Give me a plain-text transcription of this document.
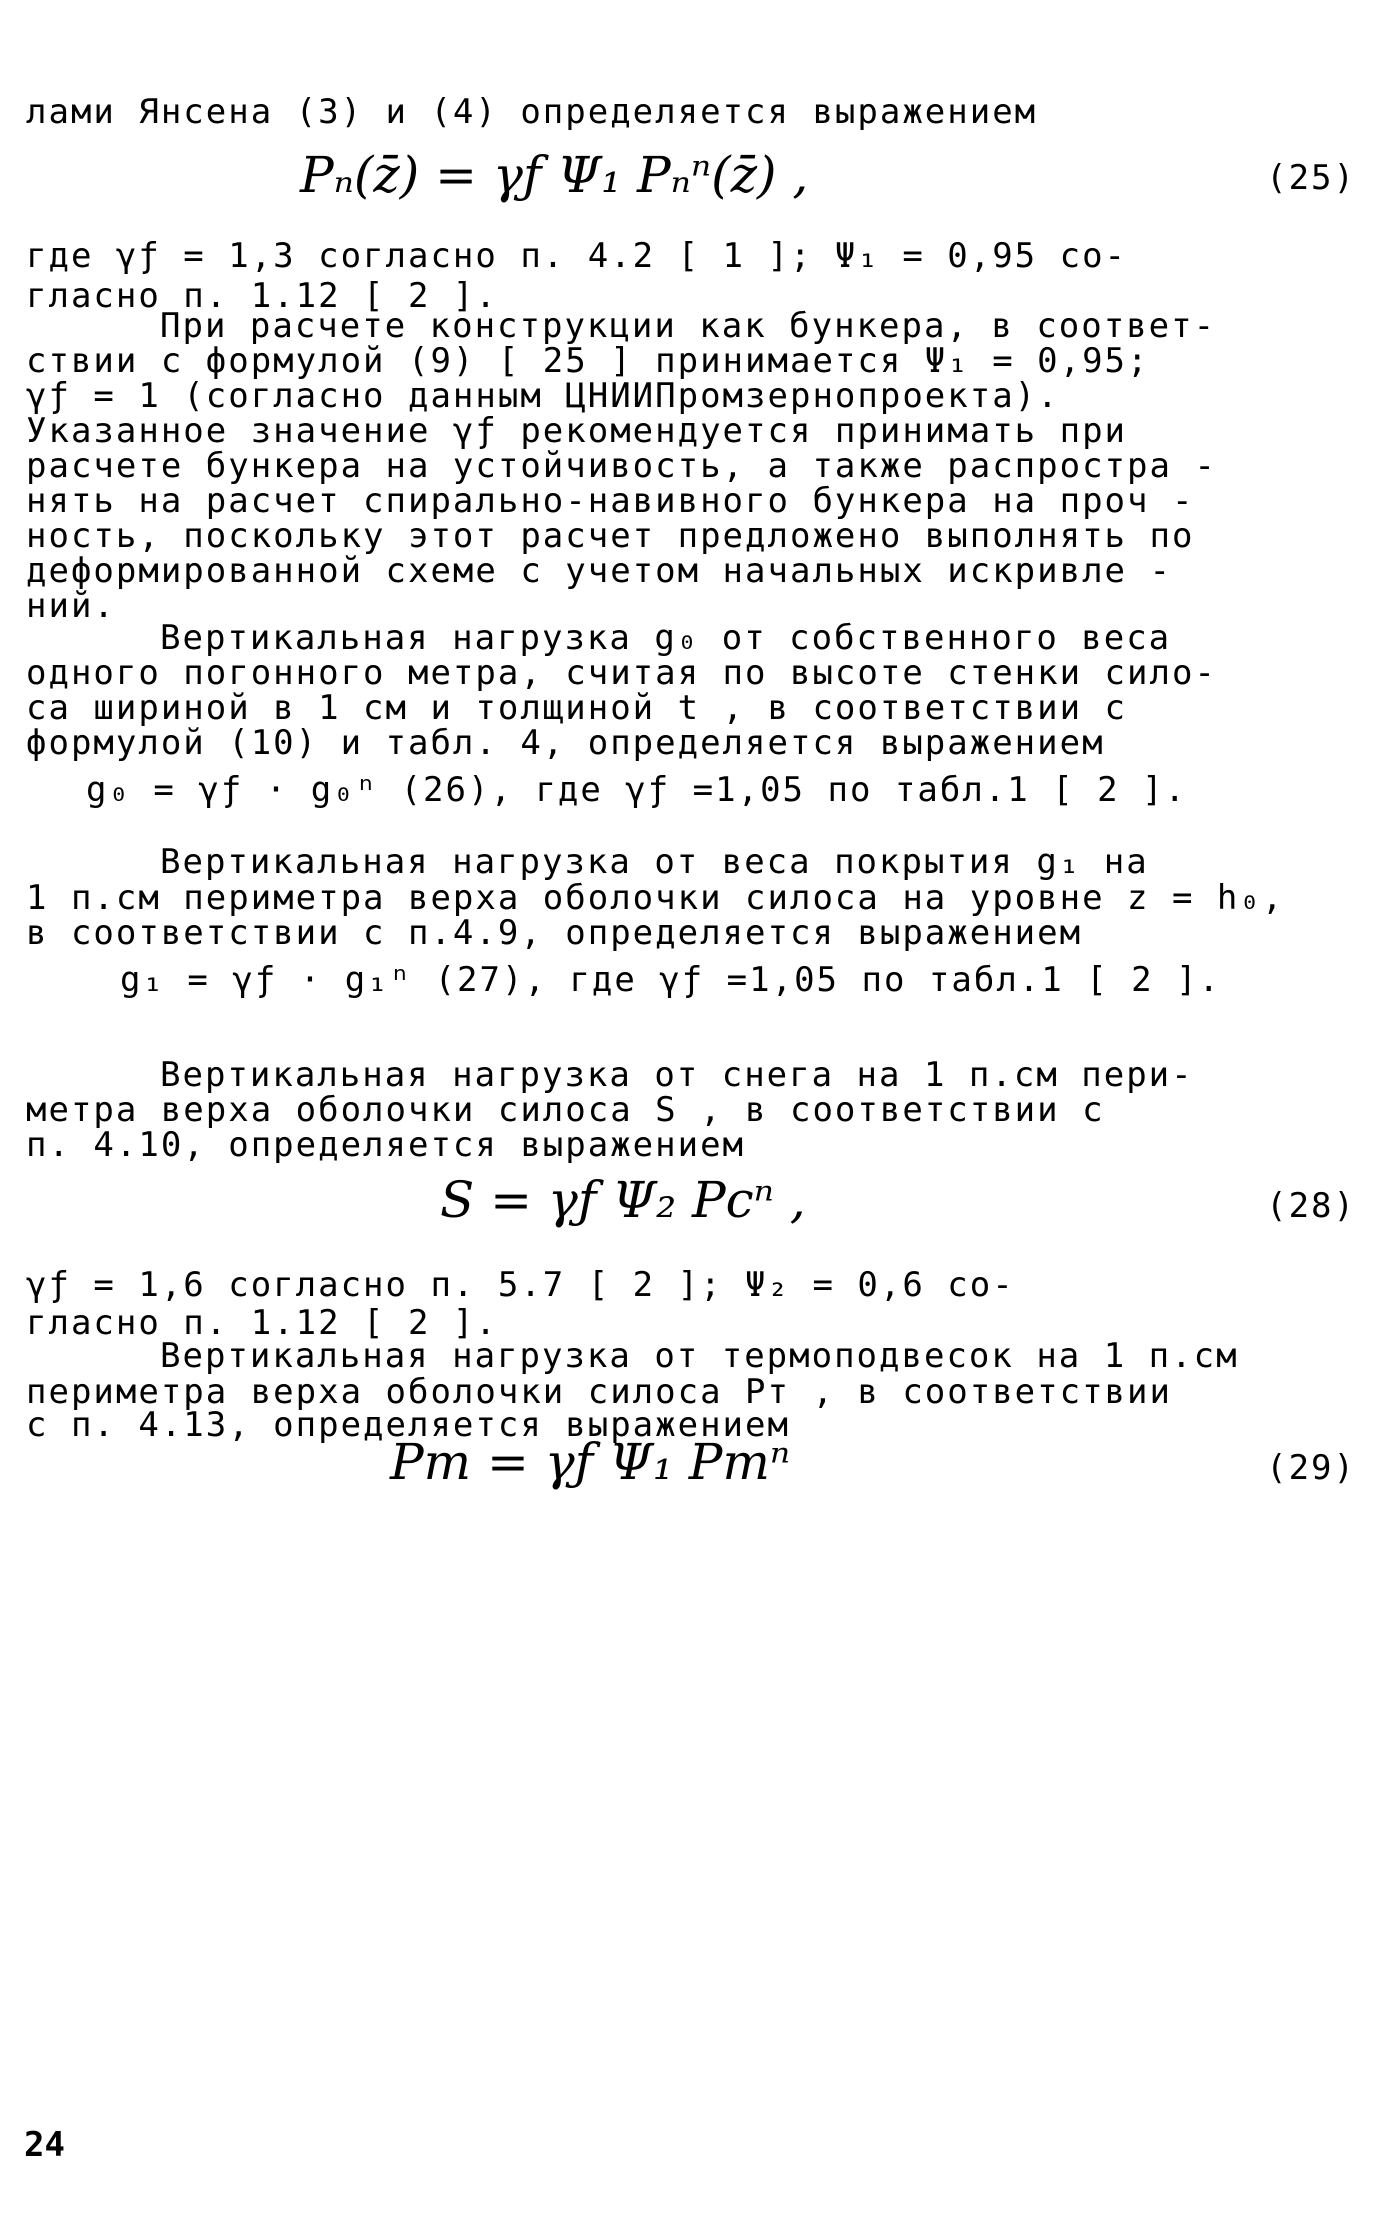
лами Янсена (3) и (4) определяется выражением
Pₙ(z̄) = γƒ Ψ₁ Pₙⁿ(z̄) ,	(25)
где γƒ = 1,3 согласно п. 4.2 [ 1 ]; Ψ₁ = 0,95 со-
гласно п. 1.12 [ 2 ].
При расчете конструкции как бункера, в соответ-
ствии с формулой (9) [ 25 ] принимается Ψ₁ = 0,95;
γƒ = 1 (согласно данным ЦНИИПромзернопроекта).
Указанное значение γƒ рекомендуется принимать при
расчете бункера на устойчивость, а также распростра -
нять на расчет спирально-навивного бункера на проч -
ность, поскольку этот расчет предложено выполнять по
деформированной схеме с учетом начальных искривле -
ний.
Вертикальная нагрузка g₀ от собственного веса
одного погонного метра, считая по высоте стенки сило-
са шириной в 1 см и толщиной t , в соответствии с
формулой (10) и табл. 4, определяется выражением
g₀ = γƒ · g₀ⁿ (26), где γƒ =1,05 по табл.1 [ 2 ].
Вертикальная нагрузка от веса покрытия g₁ на
1 п.см периметра верха оболочки силоса на уровне z = h₀,
в соответствии с п.4.9, определяется выражением
g₁ = γƒ · g₁ⁿ (27), где γƒ =1,05 по табл.1 [ 2 ].
Вертикальная нагрузка от снега на 1 п.см пери-
метра верха оболочки силоса S , в соответствии с
п. 4.10, определяется выражением
S = γƒ Ψ₂ Pcⁿ ,	(28)
γƒ = 1,6 согласно п. 5.7 [ 2 ]; Ψ₂ = 0,6 со-
гласно п. 1.12 [ 2 ].
Вертикальная нагрузка от термоподвесок на 1 п.см
периметра верха оболочки силоса Pт , в соответствии
с п. 4.13, определяется выражением
Pт = γƒ Ψ₁ Pтⁿ	(29)
24
